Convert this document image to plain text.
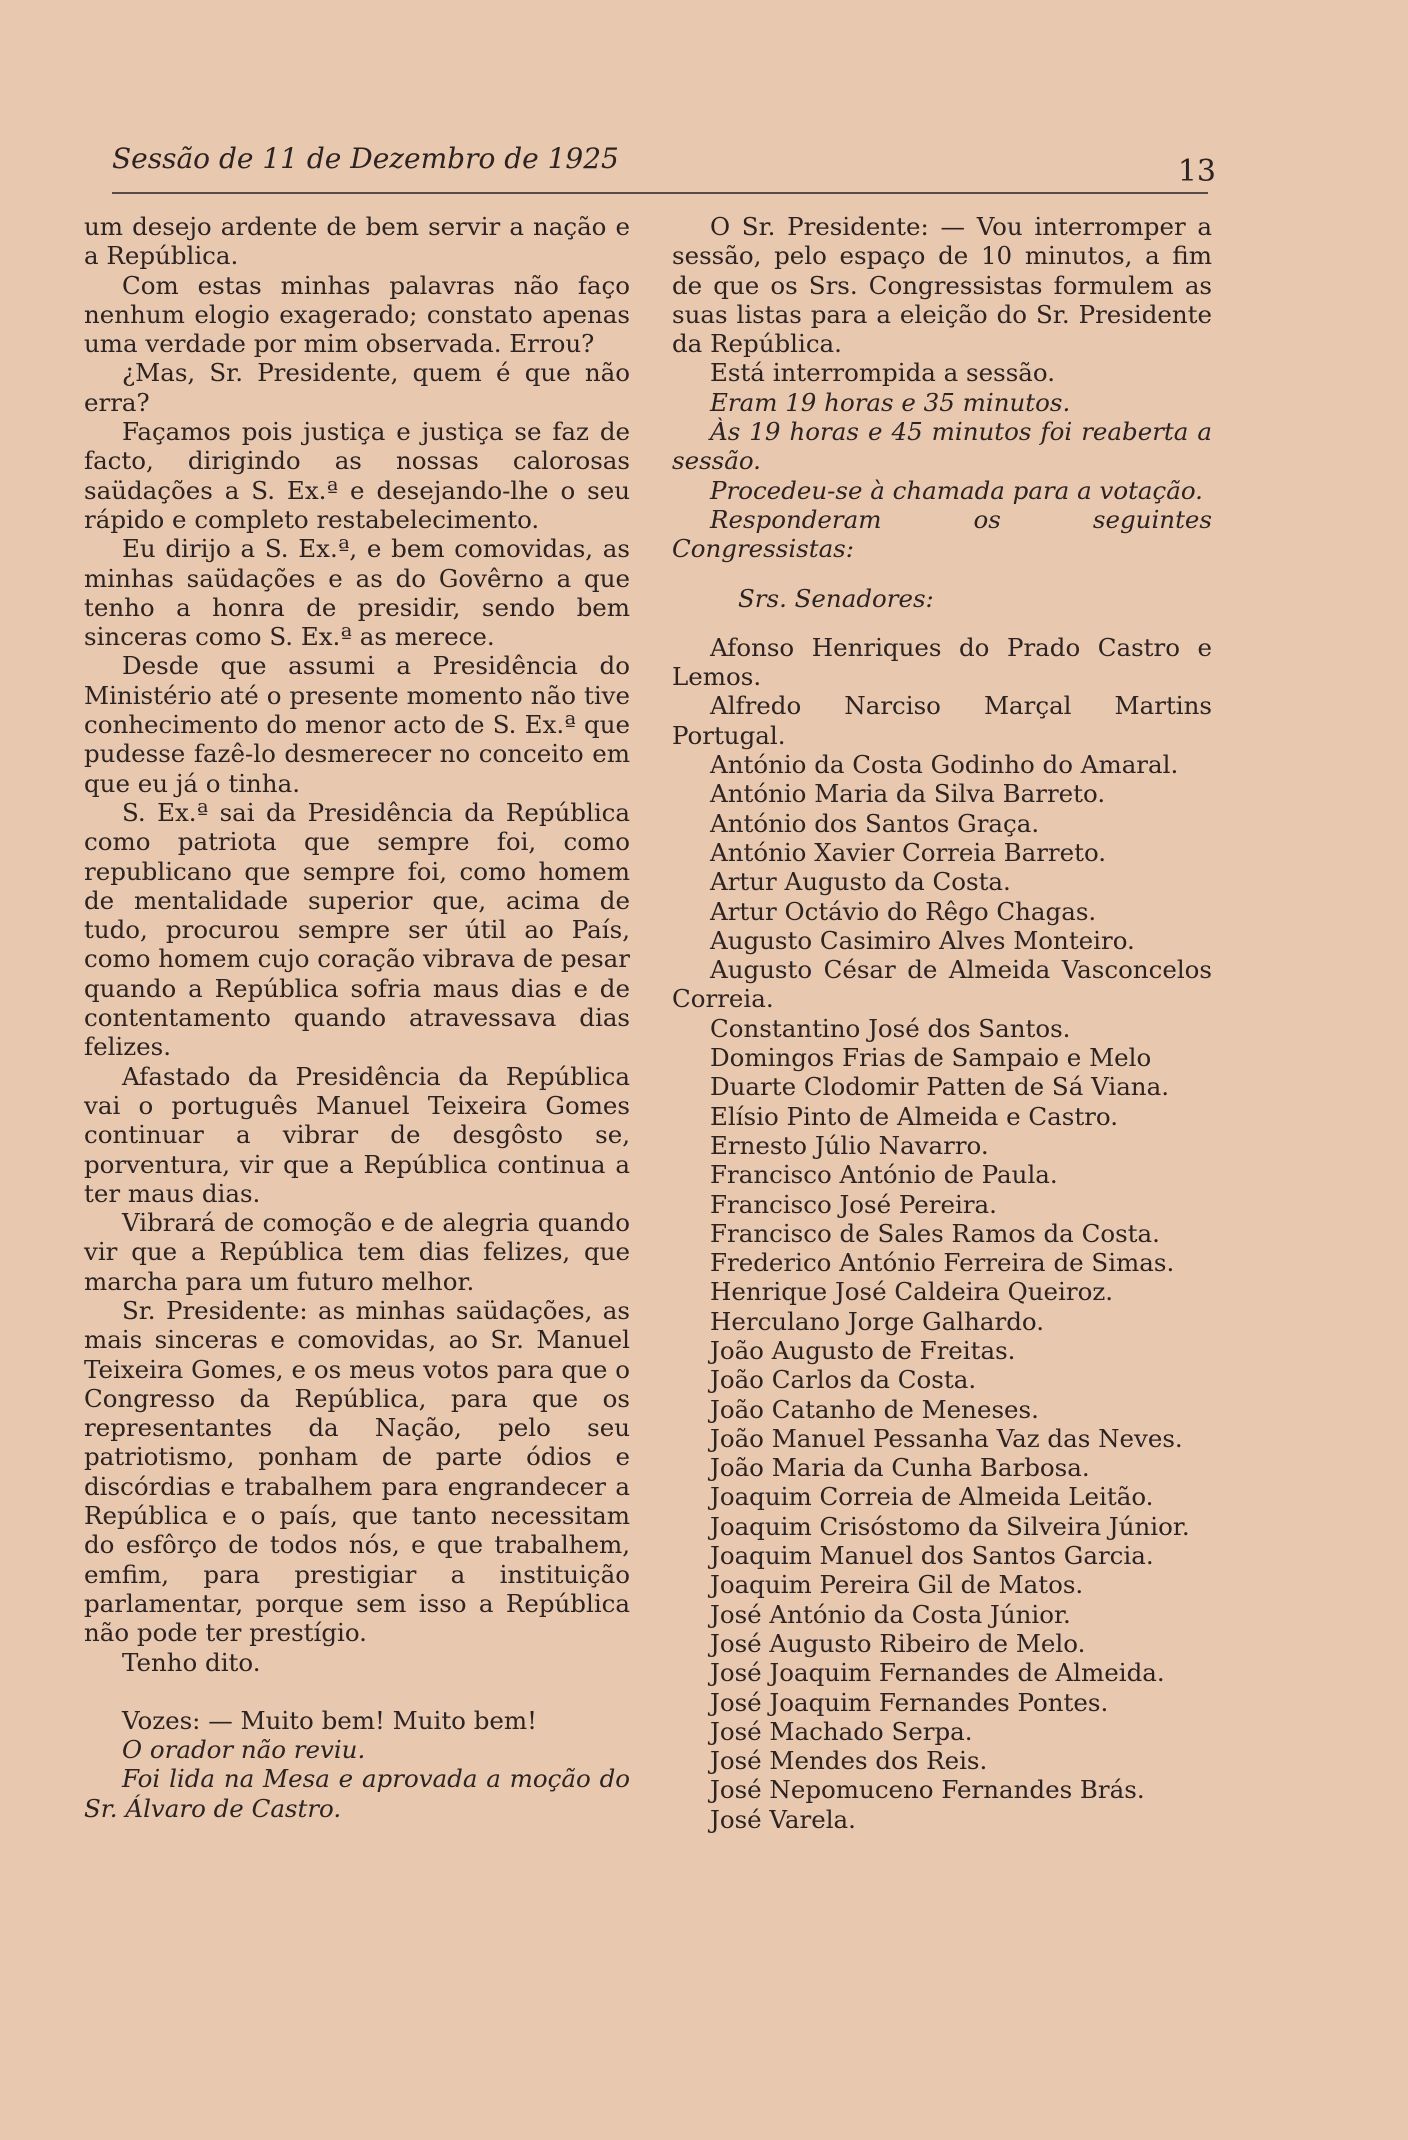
Sessão de 11 de Dezembro de 1925	13

um desejo ardente de bem servir a nação e a República.

Com estas minhas palavras não faço nenhum elogio exagerado; constato apenas uma verdade por mim observada. Errou?

¿Mas, Sr. Presidente, quem é que não erra?

Façamos pois justiça e justiça se faz de facto, dirigindo as nossas calorosas saüdações a S. Ex.ª e desejando-lhe o seu rápido e completo restabelecimento.

Eu dirijo a S. Ex.ª, e bem comovidas, as minhas saüdações e as do Govêrno a que tenho a honra de presidir, sendo bem sinceras como S. Ex.ª as merece.

Desde que assumi a Presidência do Ministério até o presente momento não tive conhecimento do menor acto de S. Ex.ª que pudesse fazê-lo desmerecer no conceito em que eu já o tinha.

S. Ex.ª sai da Presidência da República como patriota que sempre foi, como republicano que sempre foi, como homem de mentalidade superior que, acima de tudo, procurou sempre ser útil ao País, como homem cujo coração vibrava de pesar quando a República sofria maus dias e de contentamento quando atravessava dias felizes.

Afastado da Presidência da República vai o português Manuel Teixeira Gomes continuar a vibrar de desgôsto se, porventura, vir que a República continua a ter maus dias.

Vibrará de comoção e de alegria quando vir que a República tem dias felizes, que marcha para um futuro melhor.

Sr. Presidente: as minhas saüdações, as mais sinceras e comovidas, ao Sr. Manuel Teixeira Gomes, e os meus votos para que o Congresso da República, para que os representantes da Nação, pelo seu patriotismo, ponham de parte ódios e discórdias e trabalhem para engrandecer a República e o país, que tanto necessitam do esfôrço de todos nós, e que trabalhem, emfim, para prestigiar a instituição parlamentar, porque sem isso a República não pode ter prestígio.

Tenho dito.

Vozes: — Muito bem! Muito bem!

O orador não reviu.

Foi lida na Mesa e aprovada a moção do Sr. Álvaro de Castro.

O Sr. Presidente: — Vou interromper a sessão, pelo espaço de 10 minutos, a fim de que os Srs. Congressistas formulem as suas listas para a eleição do Sr. Presidente da República.

Está interrompida a sessão.

Eram 19 horas e 35 minutos.

Às 19 horas e 45 minutos foi reaberta a sessão.

Procedeu-se à chamada para a votação.

Responderam os seguintes Congressistas:

Srs. Senadores:

Afonso Henriques do Prado Castro e Lemos.

Alfredo Narciso Marçal Martins Portugal.

António da Costa Godinho do Amaral.

António Maria da Silva Barreto.

António dos Santos Graça.

António Xavier Correia Barreto.

Artur Augusto da Costa.

Artur Octávio do Rêgo Chagas.

Augusto Casimiro Alves Monteiro.

Augusto César de Almeida Vasconcelos Correia.

Constantino José dos Santos.

Domingos Frias de Sampaio e Melo

Duarte Clodomir Patten de Sá Viana.

Elísio Pinto de Almeida e Castro.

Ernesto Júlio Navarro.

Francisco António de Paula.

Francisco José Pereira.

Francisco de Sales Ramos da Costa.

Frederico António Ferreira de Simas.

Henrique José Caldeira Queiroz.

Herculano Jorge Galhardo.

João Augusto de Freitas.

João Carlos da Costa.

João Catanho de Meneses.

João Manuel Pessanha Vaz das Neves.

João Maria da Cunha Barbosa.

Joaquim Correia de Almeida Leitão.

Joaquim Crisóstomo da Silveira Júnior.

Joaquim Manuel dos Santos Garcia.

Joaquim Pereira Gil de Matos.

José António da Costa Júnior.

José Augusto Ribeiro de Melo.

José Joaquim Fernandes de Almeida.

José Joaquim Fernandes Pontes.

José Machado Serpa.

José Mendes dos Reis.

José Nepomuceno Fernandes Brás.

José Varela.
